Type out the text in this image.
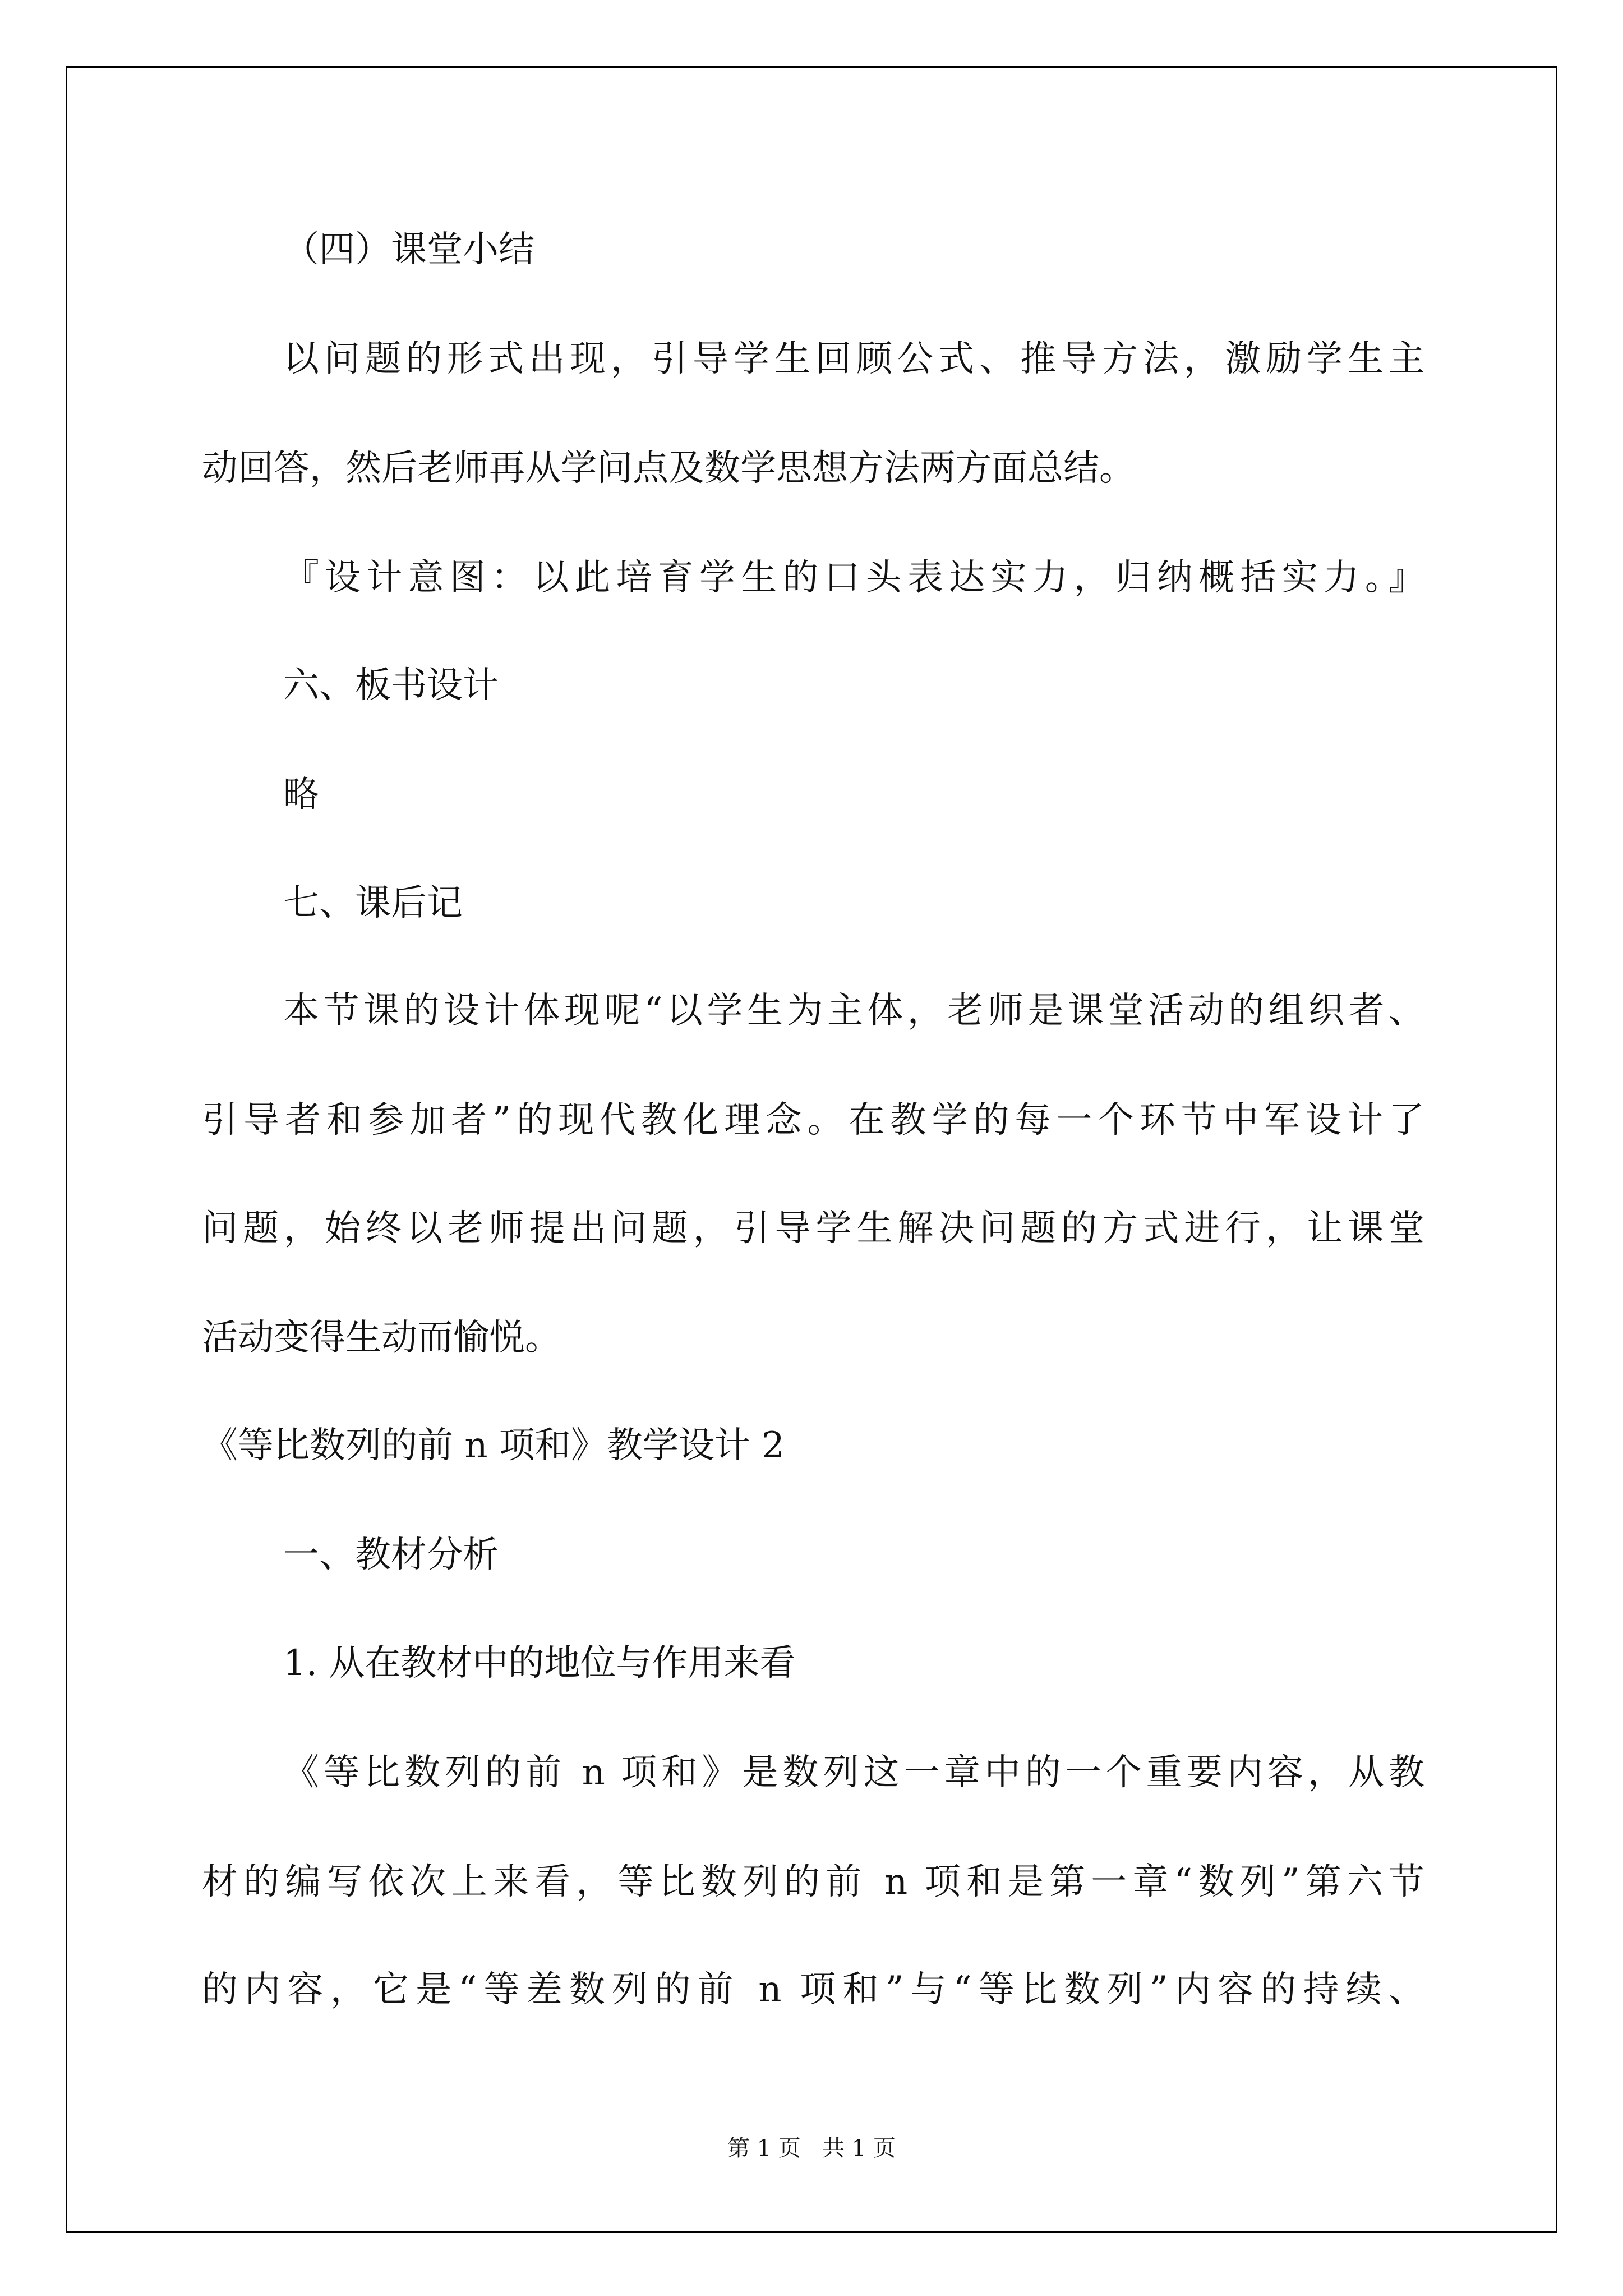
（四）课堂小结
以问题的形式出现，引导学生回顾公式、推导方法，激励学生主
动回答，然后老师再从学问点及数学思想方法两方面总结。
『设计意图：以此培育学生的口头表达实力，归纳概括实力。』
六、板书设计
略
七、课后记
本节课的设计体现呢“以学生为主体，老师是课堂活动的组织者、
引导者和参加者”的现代教化理念。在教学的每一个环节中军设计了
问题，始终以老师提出问题，引导学生解决问题的方式进行，让课堂
活动变得生动而愉悦。
《等比数列的前 n 项和》教学设计 2
一、教材分析
1. 从在教材中的地位与作用来看
《等比数列的前 n 项和》是数列这一章中的一个重要内容，从教
材的编写依次上来看，等比数列的前 n 项和是第一章“数列”第六节
的内容，它是“等差数列的前 n 项和”与“等比数列”内容的持续、
第 1 页   共 1 页
